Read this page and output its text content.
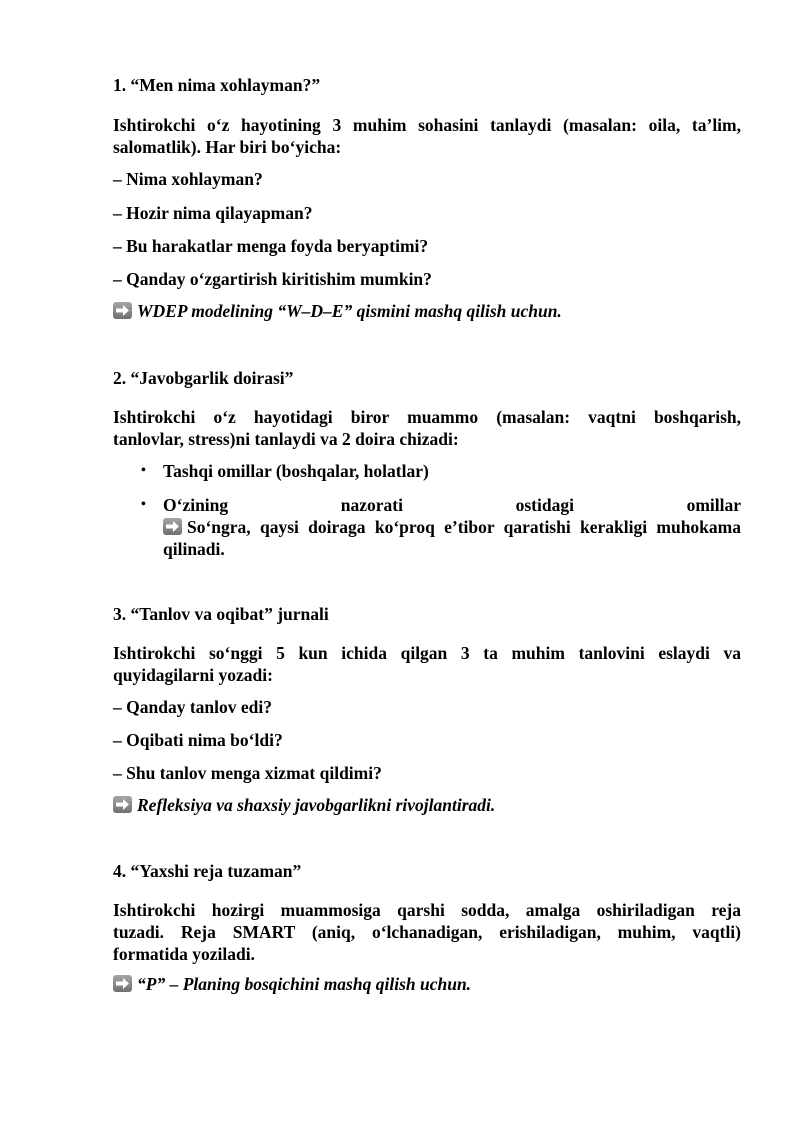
1. “Men nima xohlayman?”
Ishtirokchi o‘z hayotining 3 muhim sohasini tanlaydi (masalan: oila, ta’lim,
salomatlik). Har biri bo‘yicha:
– Nima xohlayman?
– Hozir nima qilayapman?
– Bu harakatlar menga foyda beryaptimi?
– Qanday o‘zgartirish kiritishim mumkin?
WDEP modelining “W–D–E” qismini mashq qilish uchun.
2. “Javobgarlik doirasi”
Ishtirokchi o‘z hayotidagi biror muammo (masalan: vaqtni boshqarish,
tanlovlar, stress)ni tanlaydi va 2 doira chizadi:
• Tashqi omillar (boshqalar, holatlar)
• O‘zining	nazorati	ostidagi	omillar
So‘ngra, qaysi doiraga ko‘proq e’tibor qaratishi kerakligi muhokama
qilinadi.
3. “Tanlov va oqibat” jurnali
Ishtirokchi so‘nggi 5 kun ichida qilgan 3 ta muhim tanlovini eslaydi va
quyidagilarni yozadi:
– Qanday tanlov edi?
– Oqibati nima bo‘ldi?
– Shu tanlov menga xizmat qildimi?
Refleksiya va shaxsiy javobgarlikni rivojlantiradi.
4. “Yaxshi reja tuzaman”
Ishtirokchi hozirgi muammosiga qarshi sodda, amalga oshiriladigan reja
tuzadi. Reja SMART (aniq, o‘lchanadigan, erishiladigan, muhim, vaqtli)
formatida yoziladi.
“P” – Planing bosqichini mashq qilish uchun.
